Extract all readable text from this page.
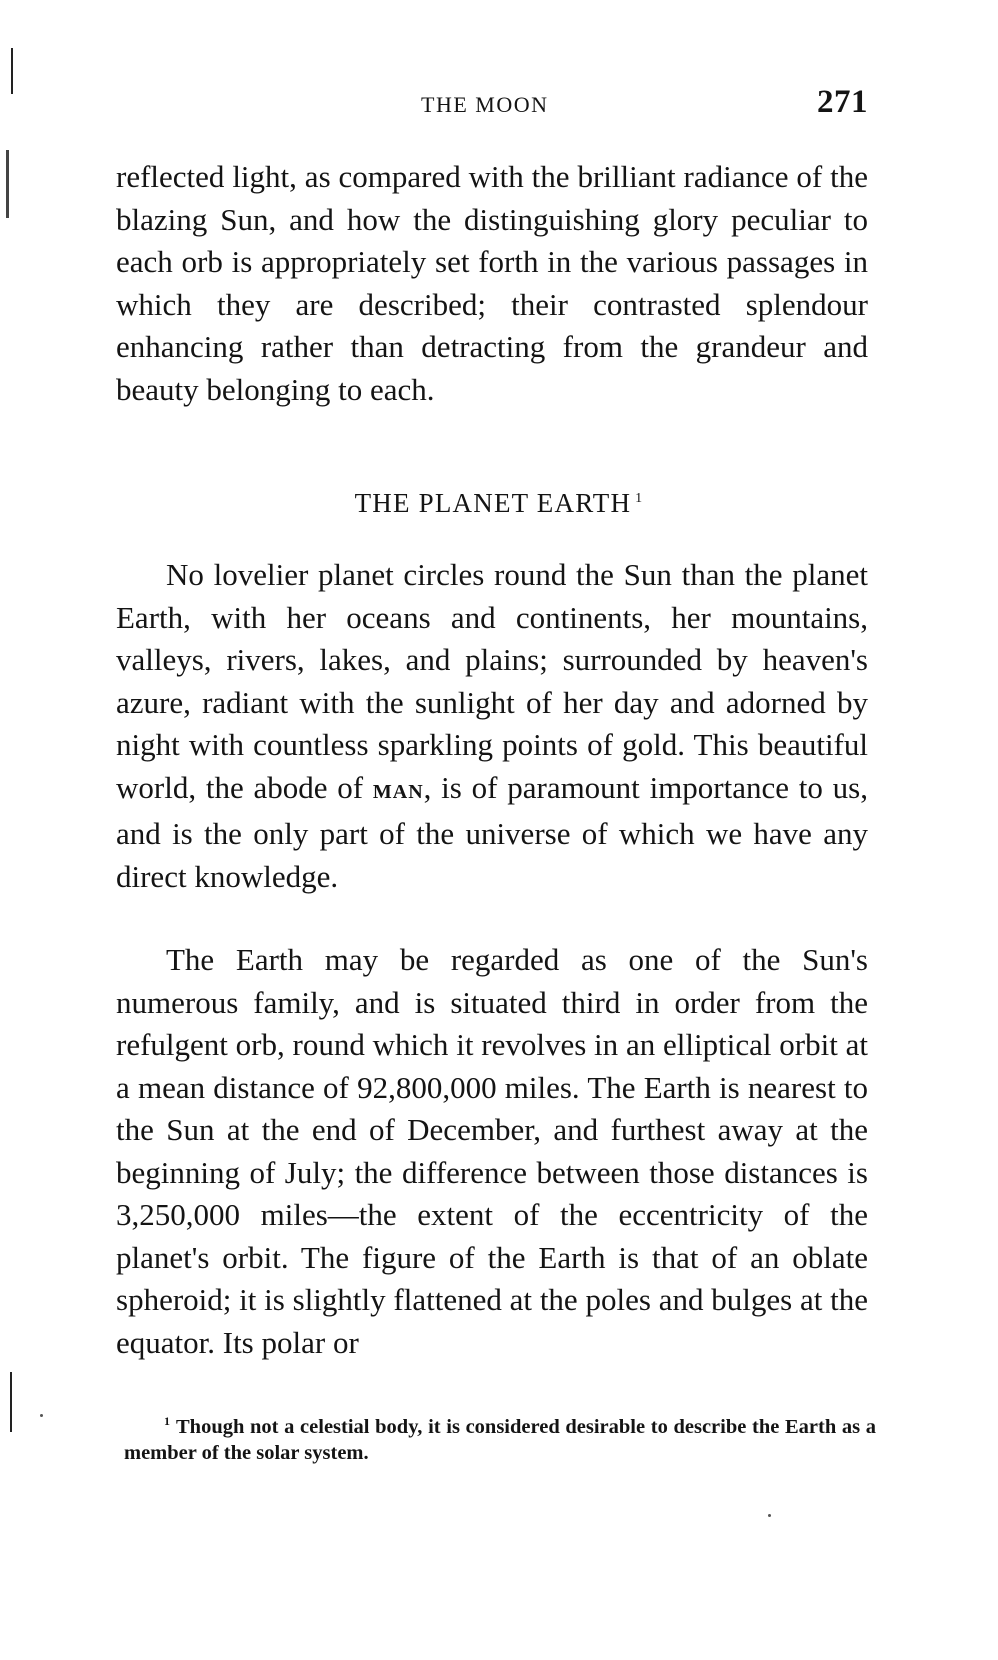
THE MOON	271
reflected light, as compared with the brilliant radiance of the blazing Sun, and how the distinguishing glory peculiar to each orb is appropriately set forth in the various passages in which they are described; their contrasted splendour enhancing rather than detracting from the grandeur and beauty belonging to each.
THE PLANET EARTH $^1$
No lovelier planet circles round the Sun than the planet Earth, with her oceans and continents, her mountains, valleys, rivers, lakes, and plains; surrounded by heaven's azure, radiant with the sunlight of her day and adorned by night with countless sparkling points of gold. This beautiful world, the abode of MAN, is of paramount importance to us, and is the only part of the universe of which we have any direct knowledge.
The Earth may be regarded as one of the Sun's numerous family, and is situated third in order from the refulgent orb, round which it revolves in an elliptical orbit at a mean distance of 92,800,000 miles. The Earth is nearest to the Sun at the end of December, and furthest away at the beginning of July; the difference between those distances is 3,250,000 miles—the extent of the eccentricity of the planet's orbit. The figure of the Earth is that of an oblate spheroid; it is slightly flattened at the poles and bulges at the equator. Its polar or
$^1$ Though not a celestial body, it is considered desirable to describe the Earth as a member of the solar system.
